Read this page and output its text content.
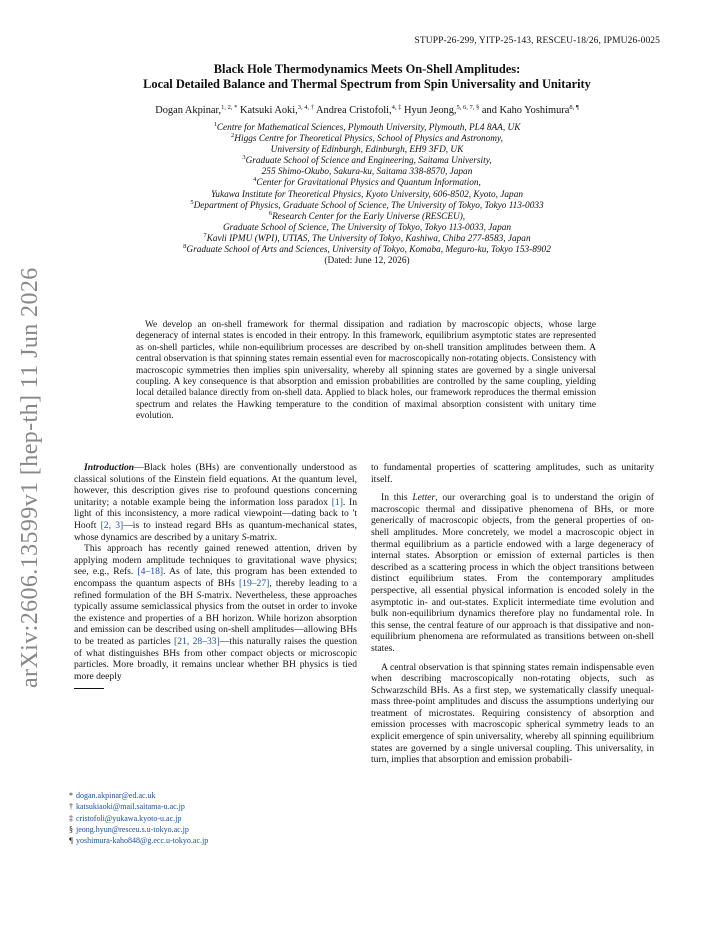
STUPP-26-299, YITP-25-143, RESCEU-18/26, IPMU26-0025
arXiv:2606.13599v1 [hep-th] 11 Jun 2026
Black Hole Thermodynamics Meets On-Shell Amplitudes:
Local Detailed Balance and Thermal Spectrum from Spin Universality and Unitarity
Dogan Akpinar,$^{1, 2, *}$ Katsuki Aoki,$^{3, 4, \dagger}$ Andrea Cristofoli,$^{4, \ddagger}$ Hyun Jeong,$^{5, 6, 7, \S}$ and Kaho Yoshimura$^{8, \P}$
$^1$Centre for Mathematical Sciences, Plymouth University, Plymouth, PL4 8AA, UK
$^2$Higgs Centre for Theoretical Physics, School of Physics and Astronomy,
University of Edinburgh, Edinburgh, EH9 3FD, UK
$^3$Graduate School of Science and Engineering, Saitama University,
255 Shimo-Okubo, Sakura-ku, Saitama 338-8570, Japan
$^4$Center for Gravitational Physics and Quantum Information,
Yukawa Institute for Theoretical Physics, Kyoto University, 606-8502, Kyoto, Japan
$^5$Department of Physics, Graduate School of Science, The University of Tokyo, Tokyo 113-0033
$^6$Research Center for the Early Universe (RESCEU),
Graduate School of Science, The University of Tokyo, Tokyo 113-0033, Japan
$^7$Kavli IPMU (WPI), UTIAS, The University of Tokyo, Kashiwa, Chiba 277-8583, Japan
$^8$Graduate School of Arts and Sciences, University of Tokyo, Komaba, Meguro-ku, Tokyo 153-8902
(Dated: June 12, 2026)
We develop an on-shell framework for thermal dissipation and radiation by macroscopic objects, whose large degeneracy of internal states is encoded in their entropy. In this framework, equilibrium asymptotic states are represented as on-shell particles, while non-equilibrium processes are described by on-shell transition amplitudes between them. A central observation is that spinning states remain essential even for macroscopically non-rotating objects. Consistency with macroscopic symmetries then implies spin universality, whereby all spinning states are governed by a single universal coupling. A key consequence is that absorption and emission probabilities are controlled by the same coupling, yielding local detailed balance directly from on-shell data. Applied to black holes, our framework reproduces the thermal emission spectrum and relates the Hawking temperature to the condition of maximal absorption consistent with unitary time evolution.

Introduction—Black holes (BHs) are conventionally understood as classical solutions of the Einstein field equations. At the quantum level, however, this description gives rise to profound questions concerning unitarity; a notable example being the information loss paradox [1]. In light of this inconsistency, a more radical viewpoint—dating back to 't Hooft [2, 3]—is to instead regard BHs as quantum-mechanical states, whose dynamics are described by a unitary S-matrix.

This approach has recently gained renewed attention, driven by applying modern amplitude techniques to gravitational wave physics; see, e.g., Refs. [4–18]. As of late, this program has been extended to encompass the quantum aspects of BHs [19–27], thereby leading to a refined formulation of the BH S-matrix. Nevertheless, these approaches typically assume semiclassical physics from the outset in order to invoke the existence and properties of a BH horizon. While horizon absorption and emission can be described using on-shell amplitudes—allowing BHs to be treated as particles [21, 28–33]—this naturally raises the question of what distinguishes BHs from other compact objects or microscopic particles. More broadly, it remains unclear whether BH physics is tied more deeply

to fundamental properties of scattering amplitudes, such as unitarity itself.

In this Letter, our overarching goal is to understand the origin of macroscopic thermal and dissipative phenomena of BHs, or more generically of macroscopic objects, from the general properties of on-shell amplitudes. More concretely, we model a macroscopic object in thermal equilibrium as a particle endowed with a large degeneracy of internal states. Absorption or emission of external particles is then described as a scattering process in which the object transitions between distinct equilibrium states. From the contemporary amplitudes perspective, all essential physical information is encoded solely in the asymptotic in- and out-states. Explicit intermediate time evolution and bulk non-equilibrium dynamics therefore play no fundamental role. In this sense, the central feature of our approach is that dissipative and non-equilibrium phenomena are reformulated as transitions between on-shell states.

A central observation is that spinning states remain indispensable even when describing macroscopically non-rotating objects, such as Schwarzschild BHs. As a first step, we systematically classify unequal-mass three-point amplitudes and discuss the assumptions underlying our treatment of microstates. Requiring consistency of absorption and emission processes with macroscopic spherical symmetry leads to an explicit emergence of spin universality, whereby all spinning equilibrium states are governed by a single universal coupling. This universality, in turn, implies that absorption and emission probabili-

* dogan.akpinar@ed.ac.uk
† katsukiaoki@mail.saitama-u.ac.jp
‡ cristofoli@yukawa.kyoto-u.ac.jp
§ jeong.hyun@resceu.s.u-tokyo.ac.jp
¶ yoshimura-kaho848@g.ecc.u-tokyo.ac.jp
